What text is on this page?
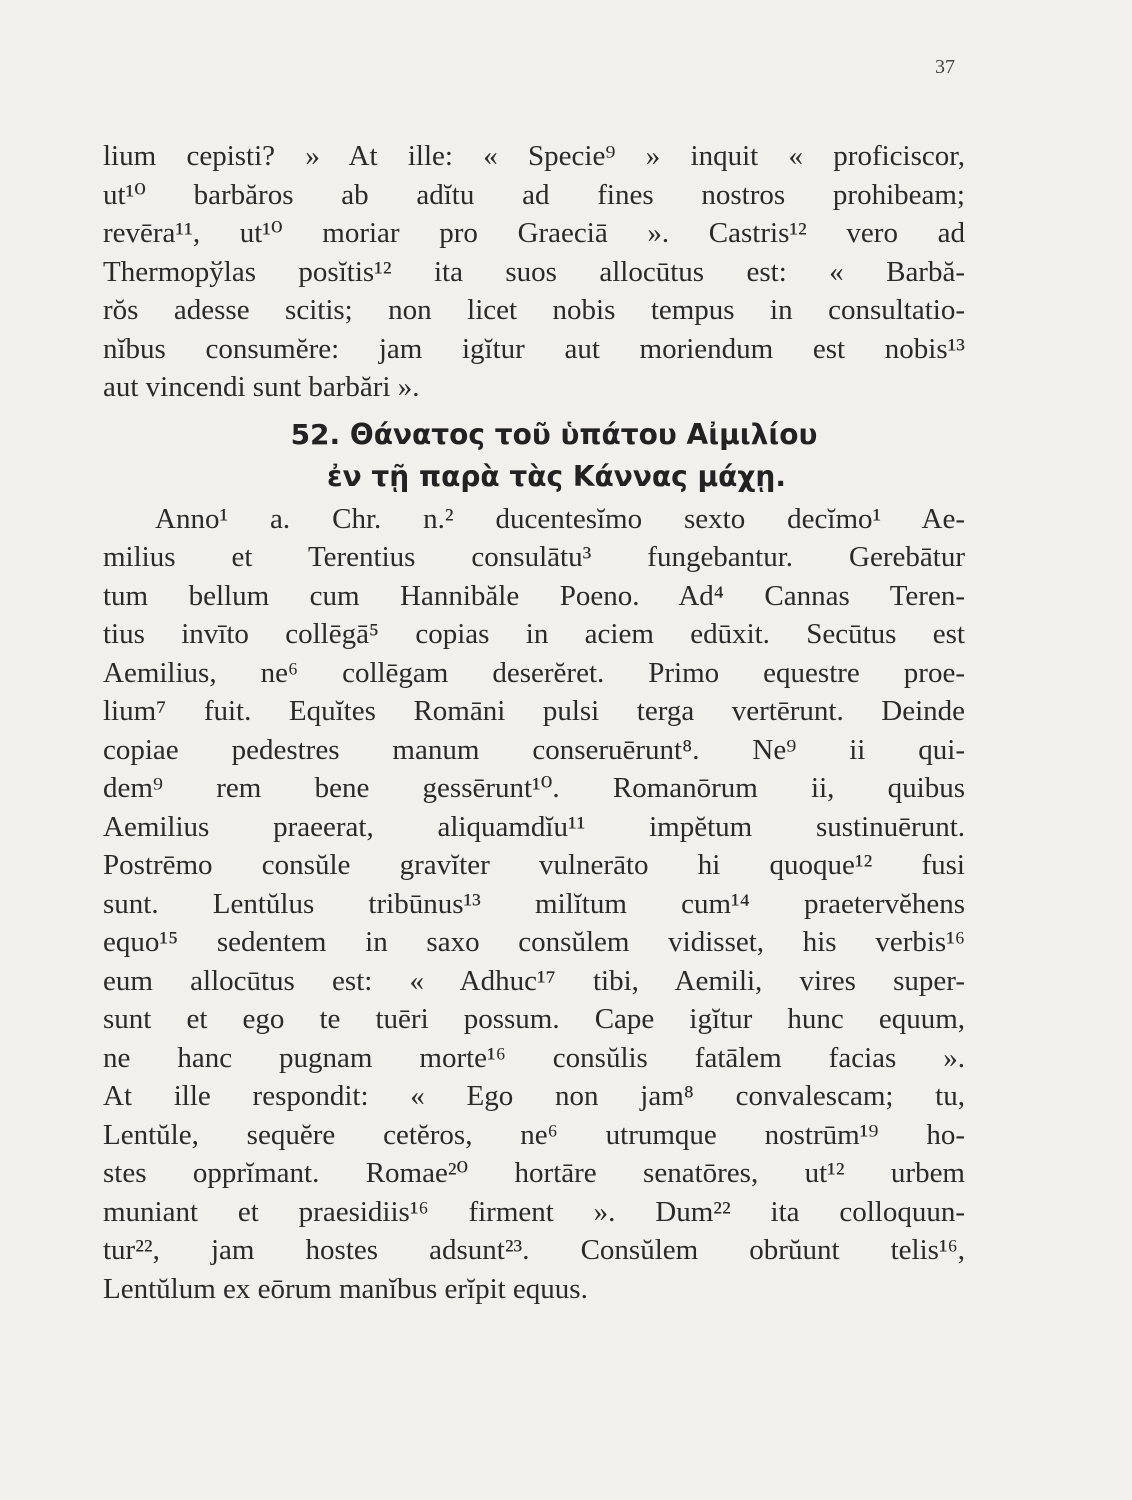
37
lium cepisti? » At ille: « Specie⁹ » inquit « proficiscor,
ut¹⁰ barbăros ab adĭtu ad fines nostros prohibeam;
revēra¹¹, ut¹⁰ moriar pro Graeciā ». Castris¹² vero ad
Thermopўlas posĭtis¹² ita suos allocūtus est: « Barbă-
rŏs adesse scitis; non licet nobis tempus in consultatio-
nĭbus consumĕre: jam igĭtur aut moriendum est nobis¹³
aut vincendi sunt barbări ».
52. Θάνατος τοῦ ὑπάτου Αἰμιλίου
ἐν τῇ παρὰ τὰς Κάννας μάχῃ.
Anno¹ a. Chr. n.² ducentesĭmo sexto decĭmo¹ Ae-
milius et Terentius consulātu³ fungebantur. Gerebātur
tum bellum cum Hannibăle Poeno. Ad⁴ Cannas Teren-
tius invīto collēgā⁵ copias in aciem edūxit. Secūtus est
Aemilius, ne⁶ collēgam deserĕret. Primo equestre proe-
lium⁷ fuit. Equĭtes Romāni pulsi terga vertērunt. Deinde
copiae pedestres manum conseruērunt⁸. Ne⁹ ii qui-
dem⁹ rem bene gessērunt¹⁰. Romanōrum ii, quibus
Aemilius praeerat, aliquamdĭu¹¹ impĕtum sustinuērunt.
Postrēmo consŭle gravĭter vulnerāto hi quoque¹² fusi
sunt. Lentŭlus tribūnus¹³ milĭtum cum¹⁴ praetervĕhens
equo¹⁵ sedentem in saxo consŭlem vidisset, his verbis¹⁶
eum allocūtus est: « Adhuc¹⁷ tibi, Aemili, vires super-
sunt et ego te tuēri possum. Cape igĭtur hunc equum,
ne hanc pugnam morte¹⁶ consŭlis fatālem facias ».
At ille respondit: « Ego non jam⁸ convalescam; tu,
Lentŭle, sequĕre cetĕros, ne⁶ utrumque nostrūm¹⁹ ho-
stes opprĭmant. Romae²⁰ hortāre senatōres, ut¹² urbem
muniant et praesidiis¹⁶ firment ». Dum²² ita colloquun-
tur²², jam hostes adsunt²³. Consŭlem obrŭunt telis¹⁶,
Lentŭlum ex eōrum manĭbus erĭpit equus.
